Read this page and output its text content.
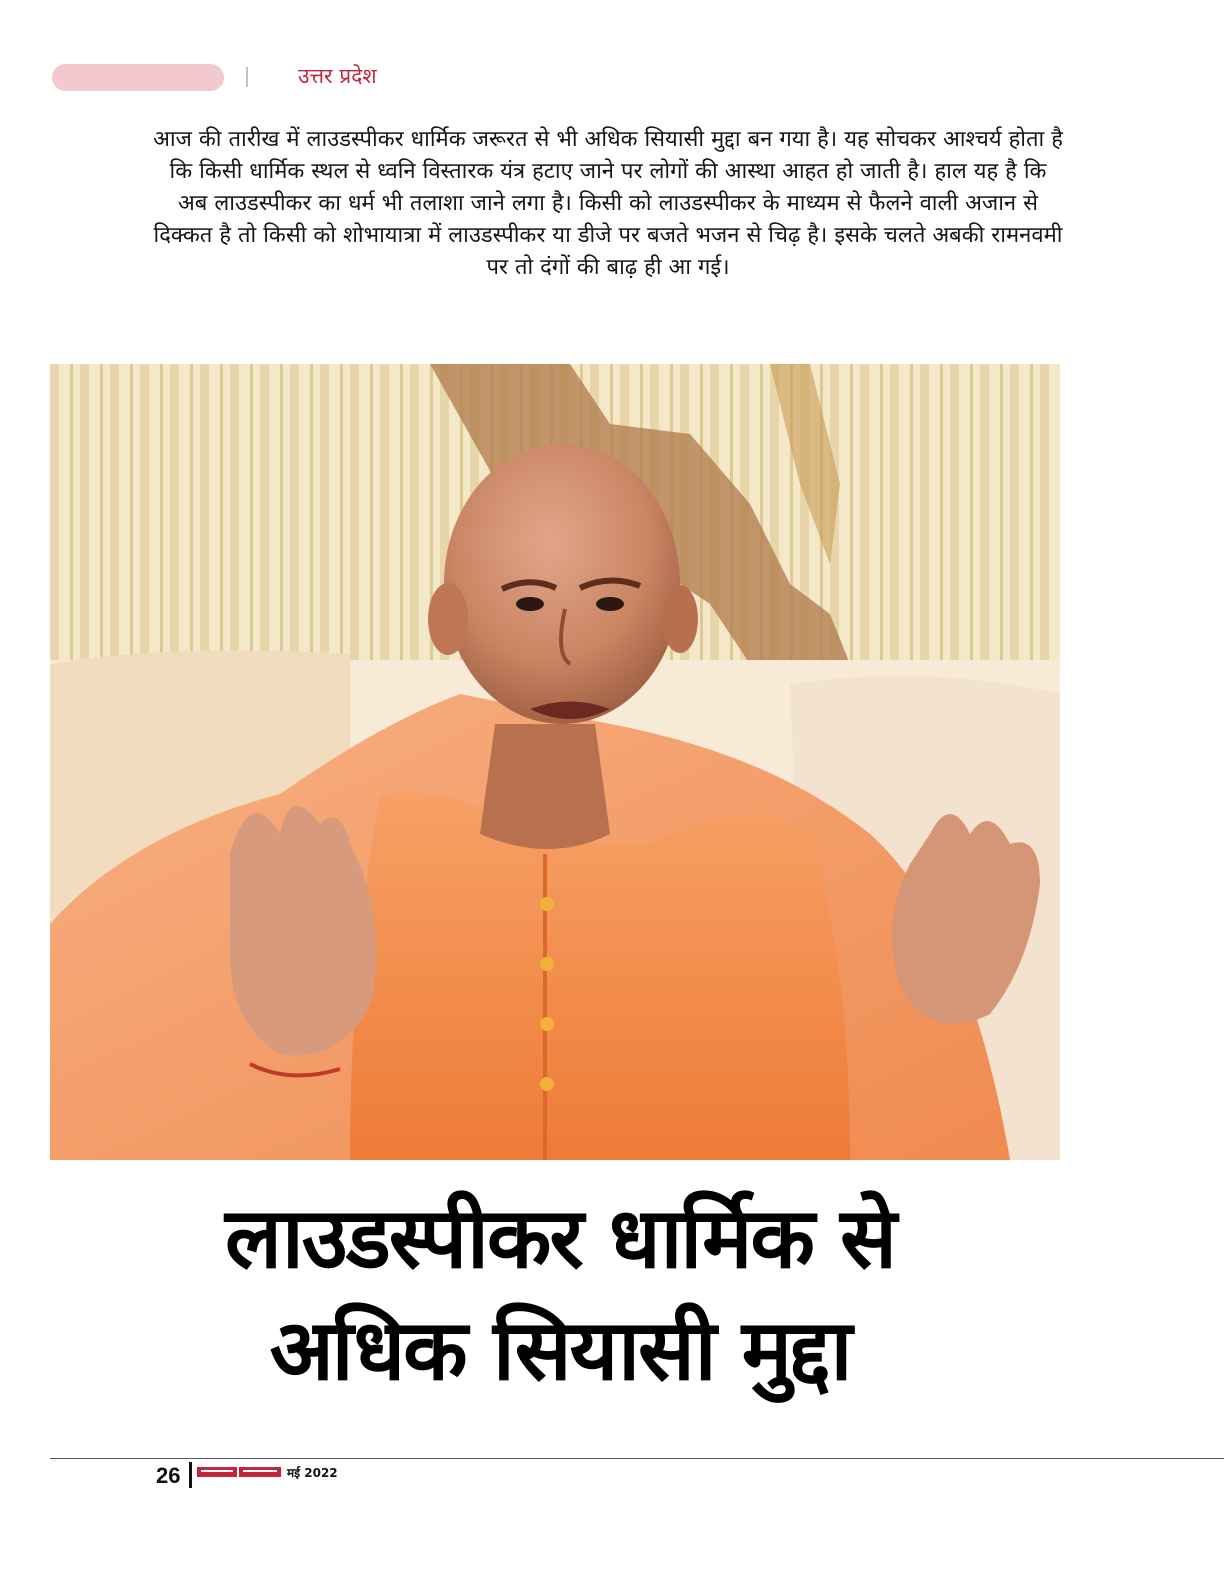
उत्तर प्रदेश
आज की तारीख में लाउडस्पीकर धार्मिक जरूरत से भी अधिक सियासी मुद्दा बन गया है। यह सोचकर आश्चर्य होता है कि किसी धार्मिक स्थल से ध्वनि विस्तारक यंत्र हटाए जाने पर लोगों की आस्था आहत हो जाती है। हाल यह है कि अब लाउडस्पीकर का धर्म भी तलाशा जाने लगा है। किसी को लाउडस्पीकर के माध्यम से फैलने वाली अजान से दिक्कत है तो किसी को शोभायात्रा में लाउडस्पीकर या डीजे पर बजते भजन से चिढ़ है। इसके चलते अबकी रामनवमी पर तो दंगों की बाढ़ ही आ गई।
लाउडस्पीकर धार्मिक से
अधिक सियासी मुद्दा
26	मई 2022
